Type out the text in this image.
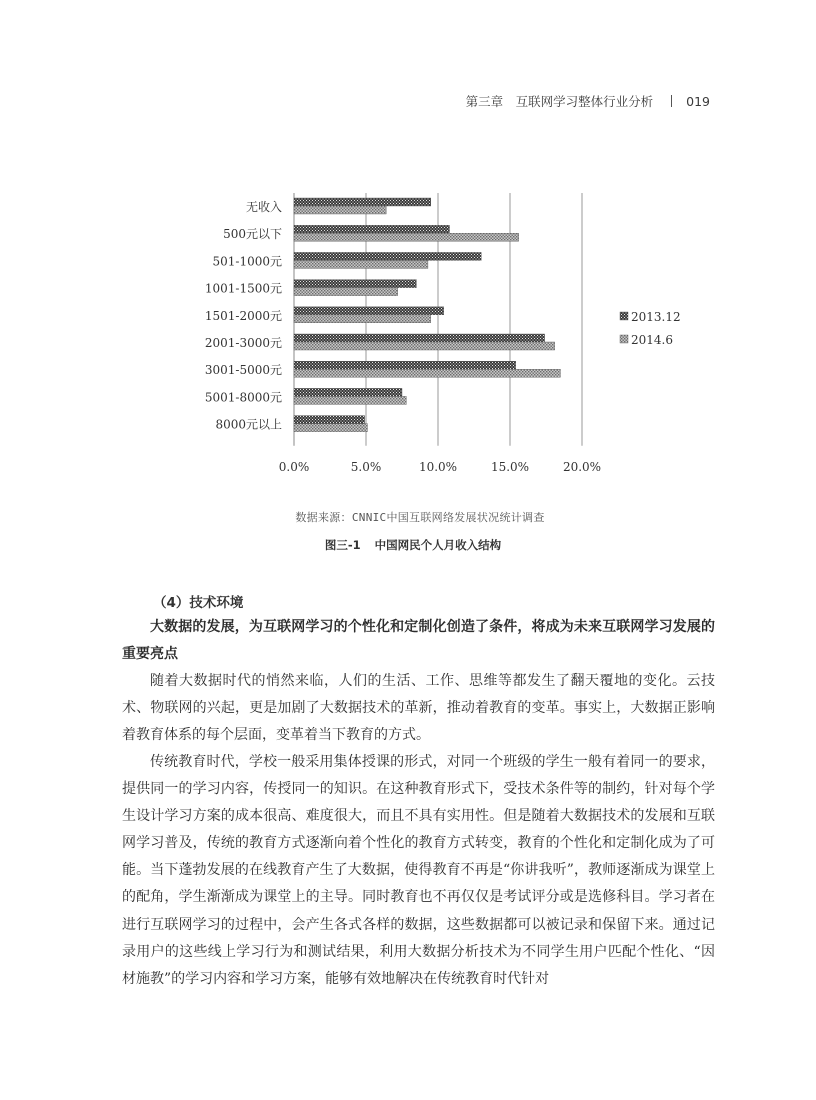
第三章　互联网学习整体行业分析	019
0.0%	5.0%	10.0%	15.0%	20.0%
无收入
500元以下
501-1000元
1001-1500元
1501-2000元
2001-3000元
3001-5000元
5001-8000元
8000元以上
2013.12
2014.6
数据来源：CNNIC中国互联网络发展状况统计调查
图三-1 中国网民个人月收入结构
（4）技术环境

大数据的发展，为互联网学习的个性化和定制化创造了条件，将成为未来互联网学习发展的重要亮点

随着大数据时代的悄然来临，人们的生活、工作、思维等都发生了翻天覆地的变化。云技术、物联网的兴起，更是加剧了大数据技术的革新，推动着教育的变革。事实上，大数据正影响着教育体系的每个层面，变革着当下教育的方式。

传统教育时代，学校一般采用集体授课的形式，对同一个班级的学生一般有着同一的要求，提供同一的学习内容，传授同一的知识。在这种教育形式下，受技术条件等的制约，针对每个学生设计学习方案的成本很高、难度很大，而且不具有实用性。但是随着大数据技术的发展和互联网学习普及，传统的教育方式逐渐向着个性化的教育方式转变，教育的个性化和定制化成为了可能。当下蓬勃发展的在线教育产生了大数据，使得教育不再是“你讲我听”，教师逐渐成为课堂上的配角，学生渐渐成为课堂上的主导。同时教育也不再仅仅是考试评分或是选修科目。学习者在进行互联网学习的过程中，会产生各式各样的数据，这些数据都可以被记录和保留下来。通过记录用户的这些线上学习行为和测试结果，利用大数据分析技术为不同学生用户匹配个性化、“因材施教”的学习内容和学习方案，能够有效地解决在传统教育时代针对
